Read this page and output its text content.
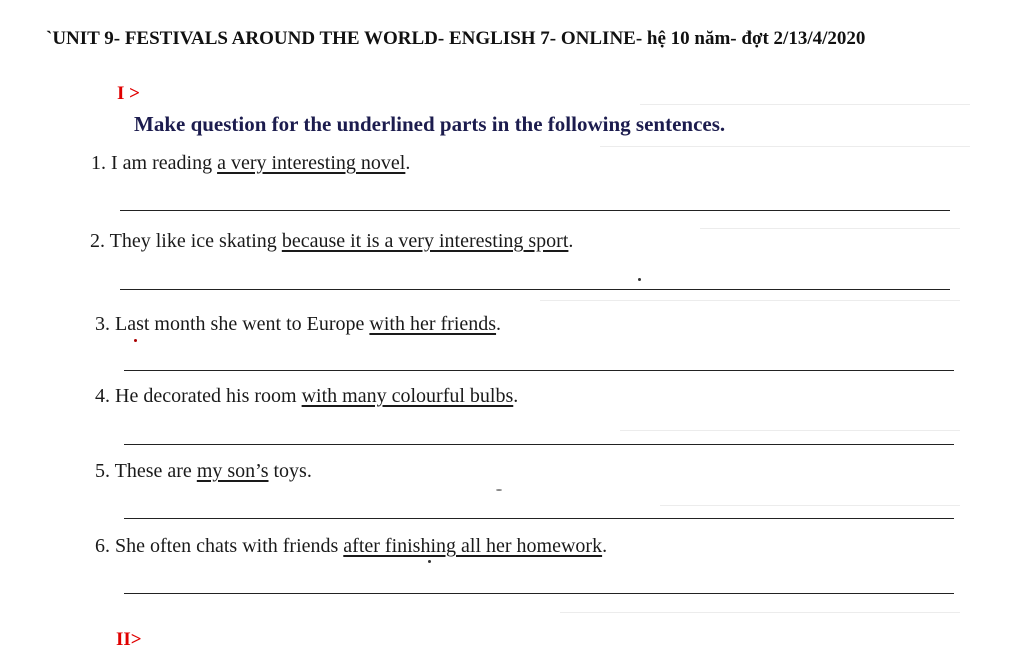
`UNIT 9- FESTIVALS AROUND THE WORLD- ENGLISH 7- ONLINE- hệ 10 năm- đợt 2/13/4/2020
I >
Make question for the underlined parts in the following sentences.
1. I am reading a very interesting novel.
2. They like ice skating because it is a very interesting sport.
3. Last month she went to Europe with her friends.
4. He decorated his room with many colourful bulbs.
5. These are my son’s toys.
6. She often chats with friends after finishing all her homework.
II>
